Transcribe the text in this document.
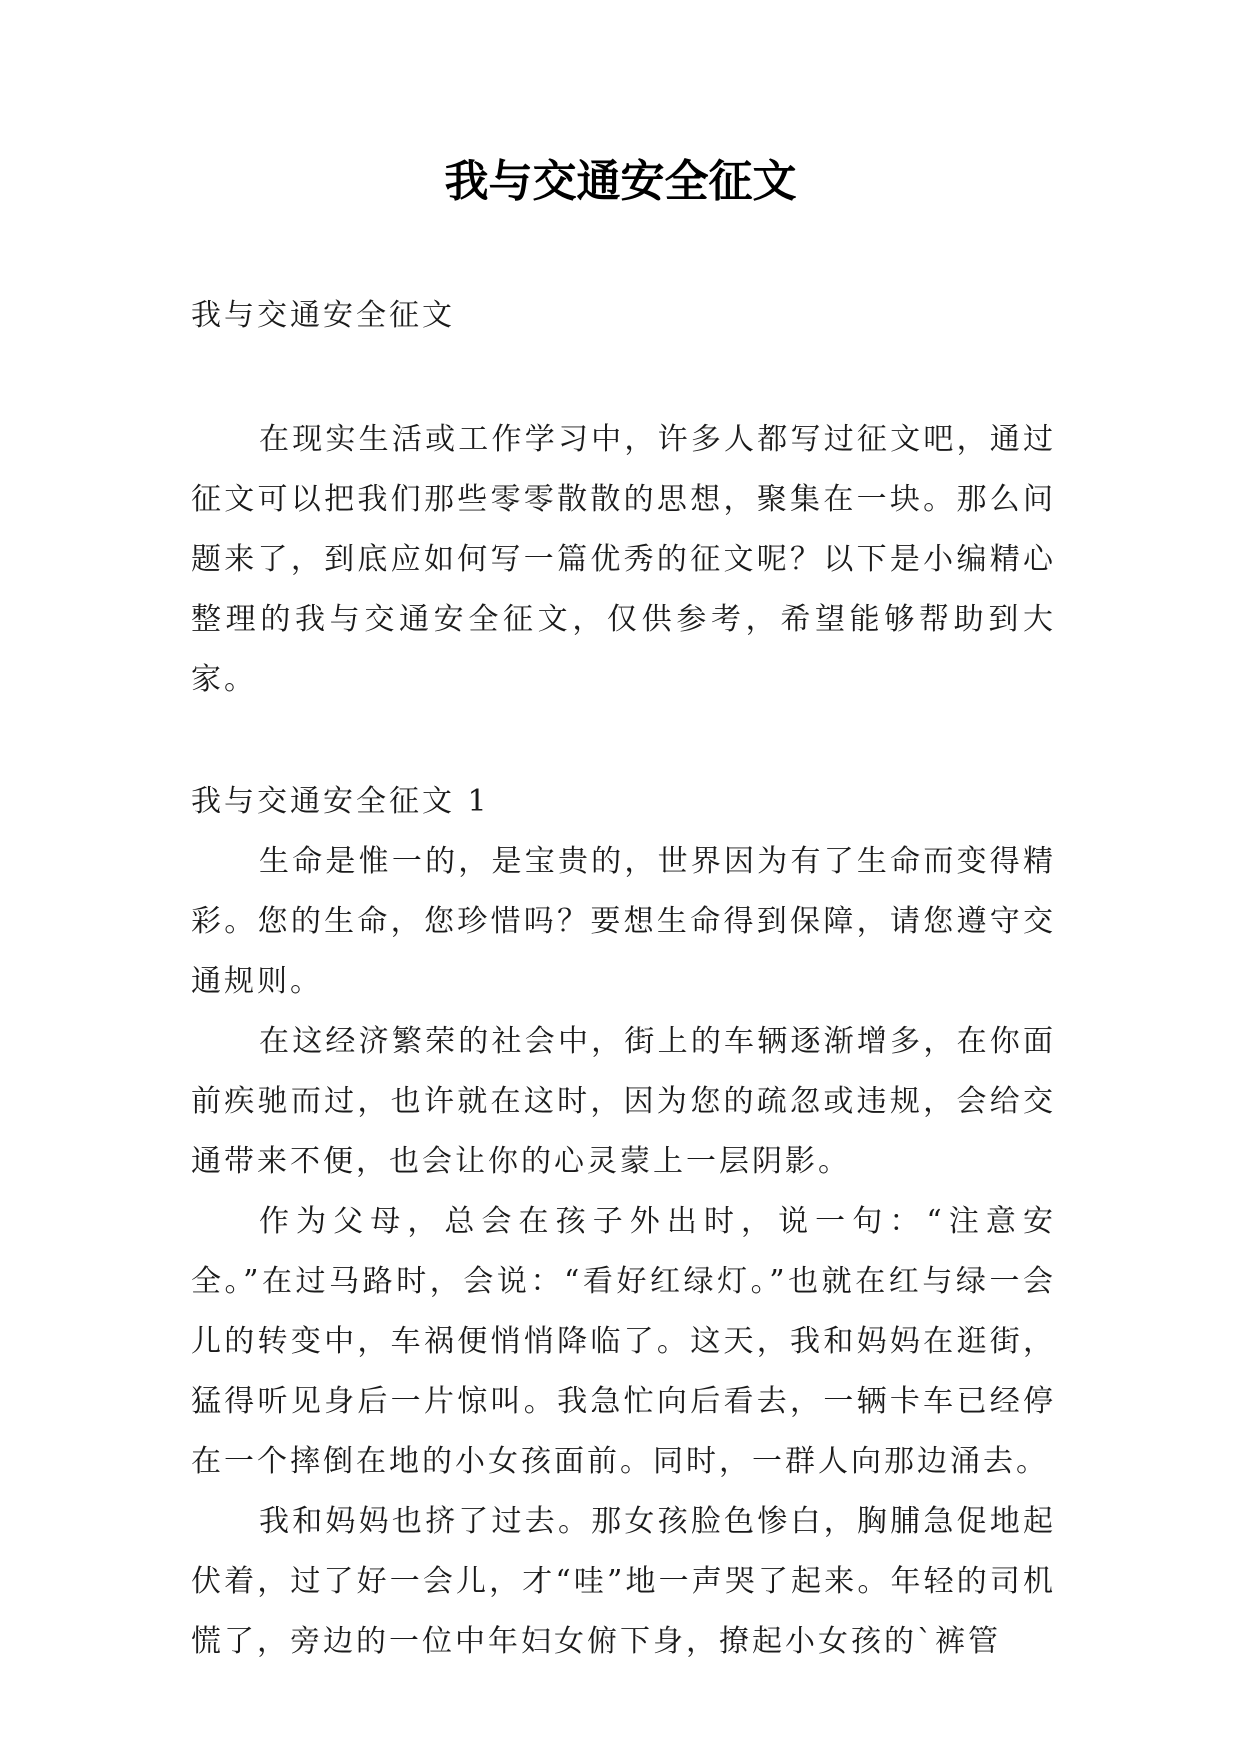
我与交通安全征文

我与交通安全征文

在现实生活或工作学习中，许多人都写过征文吧，通过征文可以把我们那些零零散散的思想，聚集在一块。那么问题来了，到底应如何写一篇优秀的征文呢？以下是小编精心整理的我与交通安全征文，仅供参考，希望能够帮助到大家。

我与交通安全征文 1

生命是惟一的，是宝贵的，世界因为有了生命而变得精彩。您的生命，您珍惜吗？要想生命得到保障，请您遵守交通规则。

在这经济繁荣的社会中，街上的车辆逐渐增多，在你面前疾驰而过，也许就在这时，因为您的疏忽或违规，会给交通带来不便，也会让你的心灵蒙上一层阴影。

作为父母，总会在孩子外出时，说一句：“注意安全。”在过马路时，会说：“看好红绿灯。”也就在红与绿一会儿的转变中，车祸便悄悄降临了。这天，我和妈妈在逛街，猛得听见身后一片惊叫。我急忙向后看去，一辆卡车已经停在一个摔倒在地的小女孩面前。同时，一群人向那边涌去。

我和妈妈也挤了过去。那女孩脸色惨白，胸脯急促地起伏着，过了好一会儿，才“哇”地一声哭了起来。年轻的司机慌了，旁边的一位中年妇女俯下身，撩起小女孩的`裤管
